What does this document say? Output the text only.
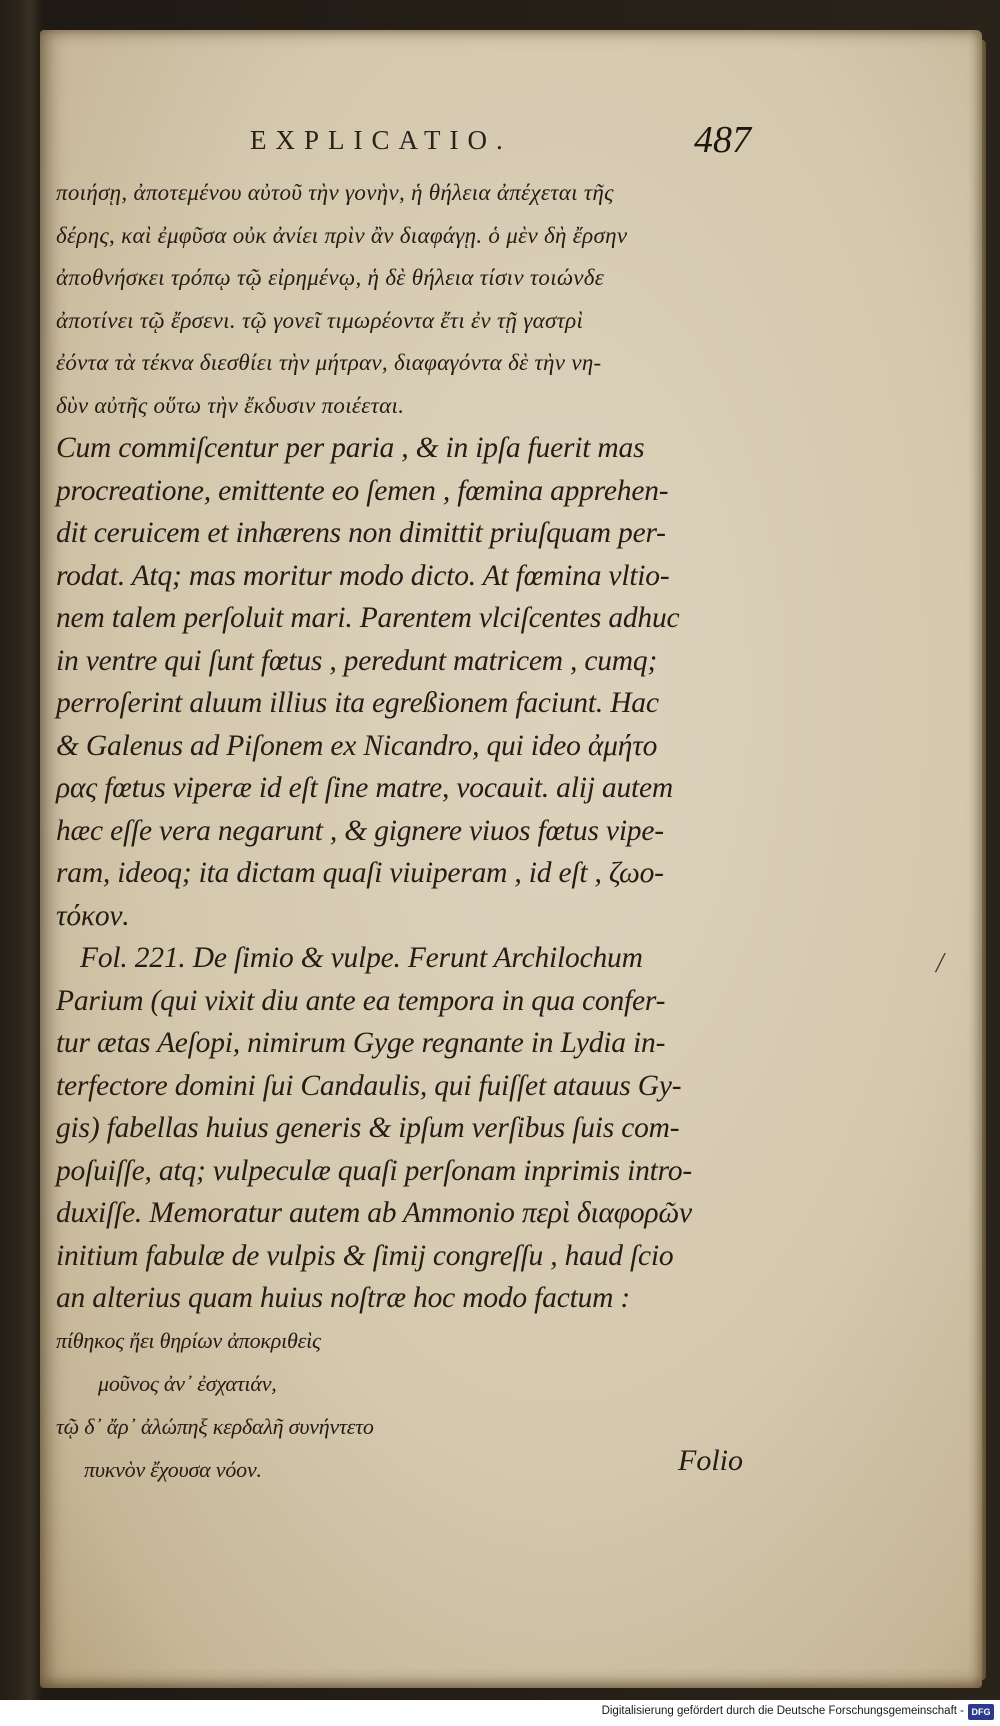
EXPLICATIO.	487
ποιήσῃ, ἀποτεμένου αὐτοῦ τὴν γονὴν, ἡ θήλεια ἀπέχεται τῆς
δέρης, καὶ ἐμφῦσα οὐκ ἀνίει πρὶν ἂν διαφάγῃ. ὁ μὲν δὴ ἔρσην
ἀποθνήσκει τρόπῳ τῷ εἰρημένῳ, ἡ δὲ θήλεια τίσιν τοιώνδε
ἀποτίνει τῷ ἔρσενι. τῷ γονεῖ τιμωρέοντα ἔτι ἐν τῇ γαστρὶ
ἐόντα τὰ τέκνα διεσθίει τὴν μήτραν, διαφαγόντα δὲ τὴν νη-
δὺν αὐτῆς οὕτω τὴν ἔκδυσιν ποιέεται.
Cum commiſcentur per paria , & in ipſa fuerit mas
procreatione, emittente eo ſemen , fœmina apprehen-
dit ceruicem et inhærens non dimittit priuſquam per-
rodat. Atq; mas moritur modo dicto. At fœmina vltio-
nem talem perſoluit mari. Parentem vlciſcentes adhuc
in ventre qui ſunt fœtus , peredunt matricem , cumq;
perroſerint aluum illius ita egreßionem faciunt. Hac
& Galenus ad Piſonem ex Nicandro, qui ideo ἀμήτο
ρας fœtus viperæ id eſt ſine matre, vocauit. alij autem
hæc eſſe vera negarunt , & gignere viuos fœtus vipe-
ram, ideoq; ita dictam quaſi viuiperam , id eſt , ζωο-
τόκον.
Fol. 221. De ſimio & vulpe. Ferunt Archilochum
Parium (qui vixit diu ante ea tempora in qua confer-
tur ætas Aeſopi, nimirum Gyge regnante in Lydia in-
terfectore domini ſui Candaulis, qui fuiſſet atauus Gy-
gis) fabellas huius generis & ipſum verſibus ſuis com-
poſuiſſe, atq; vulpeculæ quaſi perſonam inprimis intro-
duxiſſe. Memoratur autem ab Ammonio περὶ διαφορῶν
initium fabulæ de vulpis & ſimij congreſſu , haud ſcio
an alterius quam huius noſtræ hoc modo factum :
πίθηκος ἤει θηρίων ἀποκριθεὶς
μοῦνος ἀν᾽ ἐσχατιάν,
τῷ δ᾽ ἄρ᾽ ἀλώπηξ κερδαλῆ συνήντετο
πυκνὸν ἔχουσα νόον.
/
Folio
Digitalisierung gefördert durch die Deutsche Forschungsgemeinschaft - DFG
